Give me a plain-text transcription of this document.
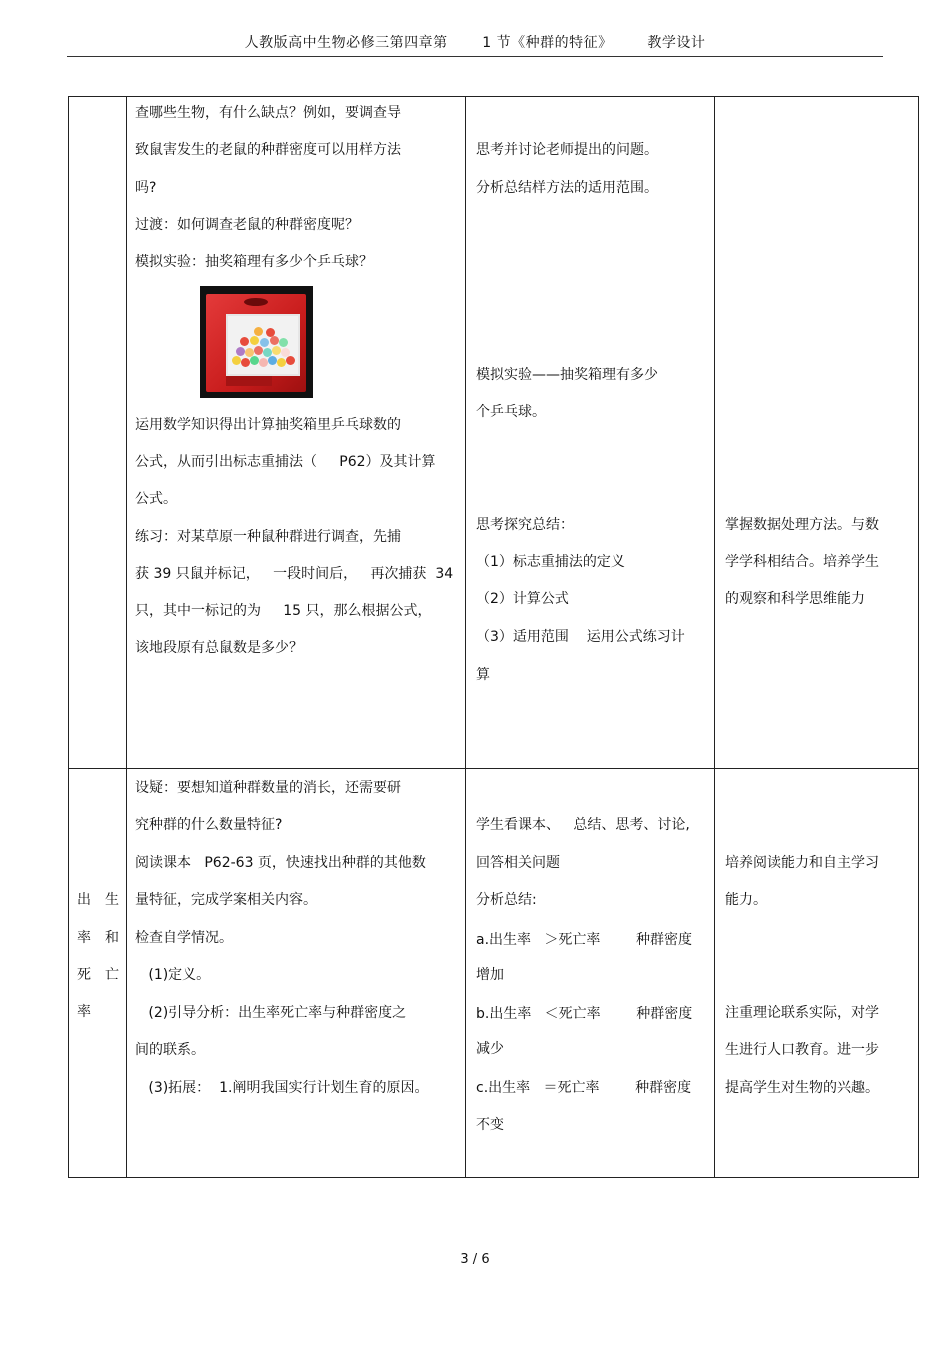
人教版高中生物必修三第四章第       1 节《种群的特征》       教学设计

查哪些生物，有什么缺点？例如，要调查导

致鼠害发生的老鼠的种群密度可以用样方法

吗?

过渡：如何调查老鼠的种群密度呢？

模拟实验：抽奖箱理有多少个乒乓球？

运用数学知识得出计算抽奖箱里乒乓球数的

公式，从而引出标志重捕法（     P62）及其计算

公式。

练习：对某草原一种鼠种群进行调查，先捕

获 39 只鼠并标记，   一段时间后，   再次捕获  34

只，其中一标记的为     15 只，那么根据公式，

该地段原有总鼠数是多少？

思考并讨论老师提出的问题。

分析总结样方法的适用范围。

模拟实验——抽奖箱理有多少

个乒乓球。

思考探究总结：

（1）标志重捕法的定义

（2）计算公式

（3）适用范围    运用公式练习计

算

掌握数据处理方法。与数

学学科相结合。培养学生

的观察和科学思维能力

出生

率和

死亡

率

设疑：要想知道种群数量的消长，还需要研

究种群的什么数量特征?

阅读课本   P62-63 页，快速找出种群的其他数

量特征，完成学案相关内容。

检查自学情况。

(1)定义。

(2)引导分析：出生率死亡率与种群密度之

间的联系。

(3)拓展：  1.阐明我国实行计划生育的原因。

学生看课本、   总结、思考、讨论,

回答相关问题

分析总结:

a.出生率   ＞死亡率        种群密度

增加

b.出生率   ＜死亡率        种群密度

减少

c.出生率   ＝死亡率        种群密度

不变

培养阅读能力和自主学习

能力。

注重理论联系实际，对学

生进行人口教育。进一步

提高学生对生物的兴趣。

3 / 6
